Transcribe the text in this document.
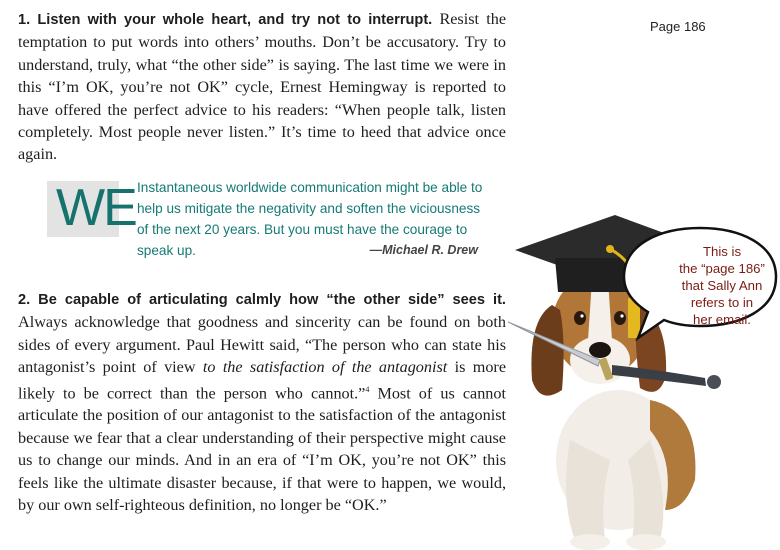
Page 186

1. Listen with your whole heart, and try not to interrupt. Resist the temptation to put words into others’ mouths. Don’t be accusatory. Try to understand, truly, what “the other side” is saying. The last time we were in this “I’m OK, you’re not OK” cycle, Ernest Hemingway is reported to have offered the perfect advice to his readers: “When people talk, listen completely. Most people never listen.” It’s time to heed that advice once again.

WE Instantaneous worldwide communication might be able to help us mitigate the negativity and soften the viciousness of the next 20 years. But you must have the courage to speak up.	—Michael R. Drew

2. Be capable of articulating calmly how “the other side” sees it. Always acknowledge that goodness and sincerity can be found on both sides of every argument. Paul Hewitt said, “The person who can state his antagonist’s point of view to the satisfaction of the antagonist is more likely to be correct than the person who cannot.”$^4$ Most of us cannot articulate the position of our antagonist to the satisfaction of the antagonist because we fear that a clear understanding of their perspective might cause us to change our minds. And in an era of “I’m OK, you’re not OK” this feels like the ultimate disaster because, if that were to happen, we would, by our own self-righteous definition, no longer be “OK.”

This is
the “page 186”
that Sally Ann
refers to in
her email.
